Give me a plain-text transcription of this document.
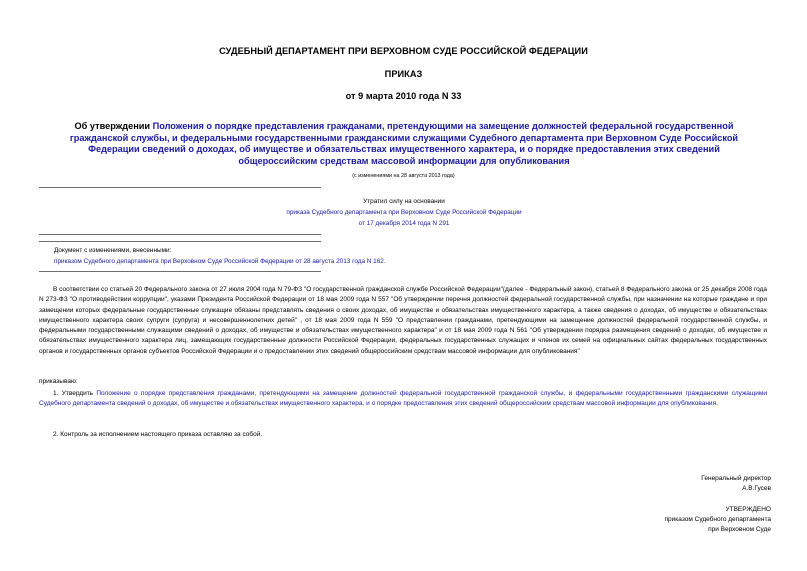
СУДЕБНЫЙ ДЕПАРТАМЕНТ ПРИ ВЕРХОВНОМ СУДЕ РОССИЙСКОЙ ФЕДЕРАЦИИ
ПРИКАЗ
от 9 марта 2010 года N 33
Об утверждении Положения о порядке представления гражданами, претендующими на замещение должностей федеральной государственной гражданской службы, и федеральными государственными гражданскими служащими Судебного департамента при Верховном Суде Российской Федерации сведений о доходах, об имуществе и обязательствах имущественного характера, и о порядке предоставления этих сведений общероссийским средствам массовой информации для опубликования
(с изменениями на 28 августа 2013 года)
Утратил силу на основании
приказа Судебного департамента при Верховном Суде Российской Федерации
от 17 декабря 2014 года N 291
Документ с изменениями, внесенными:
приказом Судебного департамента при Верховном Суде Российской Федерации от 28 августа 2013 года N 162.
В соответствии со статьей 20 Федерального закона от 27 июля 2004 года N 79-ФЗ "О государственной гражданской службе Российской Федерации"(далее - Федеральный закон), статьей 8 Федерального закона от 25 декабря 2008 года N 273-ФЗ "О противодействии коррупции", указами Президента Российской Федерации от 18 мая 2009 года N 557 "Об утверждении перечня должностей федеральной государственной службы, при назначении на которые граждане и при замещении которых федеральные государственные служащие обязаны представлять сведения о своих доходах, об имуществе и обязательствах имущественного характера, а также сведения о доходах, об имуществе и обязательствах имущественного характера своих супруги (супруга) и несовершеннолетних детей" , от 18 мая 2009 года N 559 "О представлении гражданами, претендующими на замещение должностей федеральной государственной службы, и федеральными государственными служащими сведений о доходах, об имуществе и обязательствах имущественного характера" и от 18 мая 2009 года N 561 "Об утверждении порядка размещения сведений о доходах, об имуществе и обязательствах имущественного характера лиц, замещающих государственные должности Российской Федерации, федеральных государственных служащих и членов их семей на официальных сайтах федеральных государственных органов и государственных органов субъектов Российской Федерации и о предоставлении этих сведений общероссийским средствам массовой информации для опубликования"
приказываю:
1. Утвердить Положение о порядке представления гражданами, претендующими на замещение должностей федеральной государственной гражданской службы, и федеральными государственными гражданскими служащими Судебного департамента сведений о доходах, об имуществе и обязательствах имущественного характера, и о порядке предоставления этих сведений общероссийским средствам массовой информации для опубликования.
2. Контроль за исполнением настоящего приказа оставляю за собой.
Генеральный директор
А.В.Гусев
УТВЕРЖДЕНО
приказом Судебного департамента
при Верховном Суде
